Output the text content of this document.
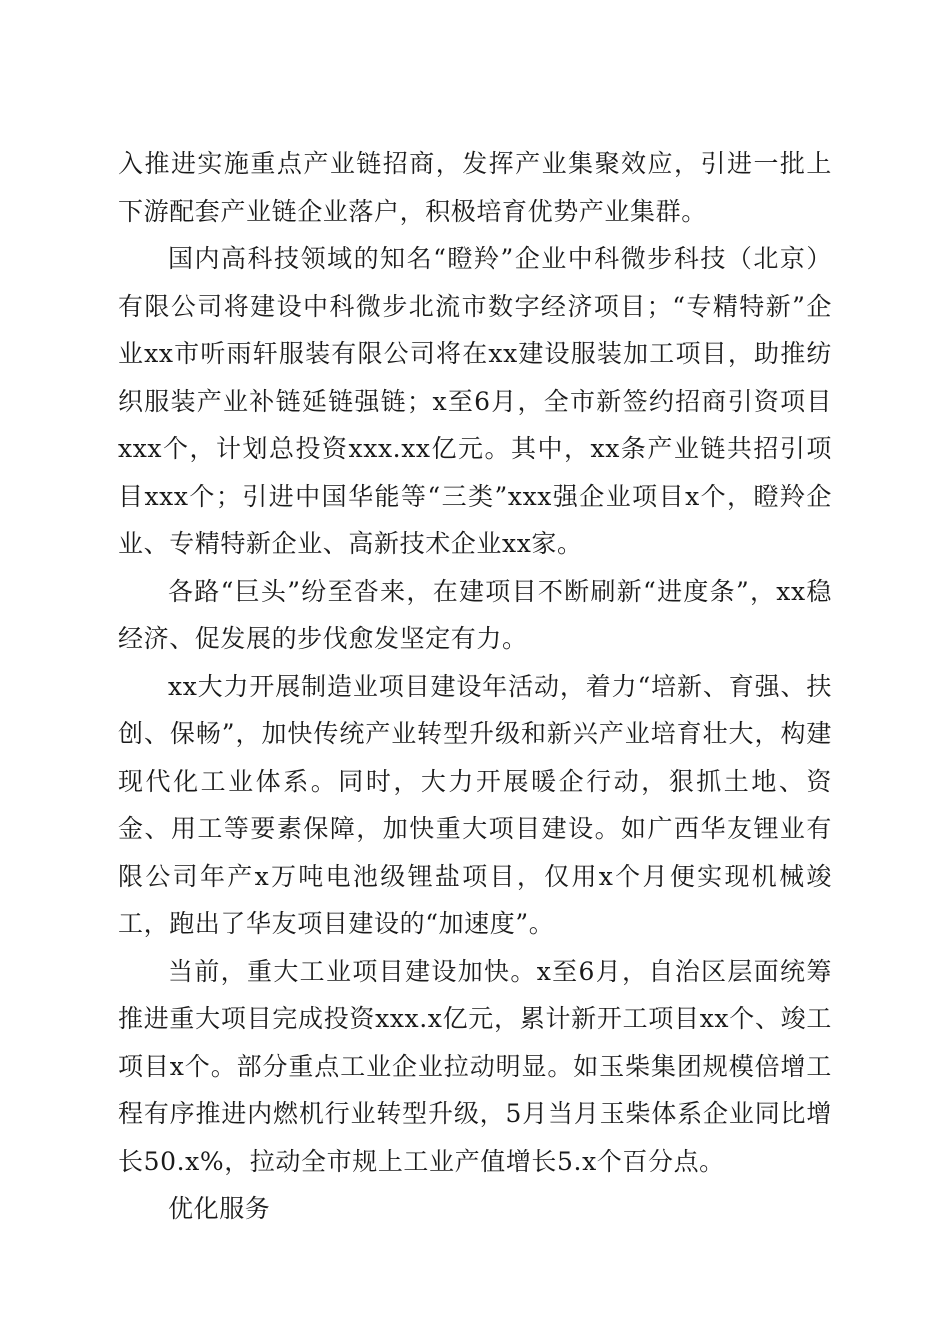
入推进实施重点产业链招商，发挥产业集聚效应，引进一批上下游配套产业链企业落户，积极培育优势产业集群。

国内高科技领域的知名“瞪羚”企业中科微步科技（北京）有限公司将建设中科微步北流市数字经济项目；“专精特新”企业xx市听雨轩服装有限公司将在xx建设服装加工项目，助推纺织服装产业补链延链强链；x至6月，全市新签约招商引资项目xxx个，计划总投资xxx.xx亿元。其中，xx条产业链共招引项目xxx个；引进中国华能等“三类”xxx强企业项目x个，瞪羚企业、专精特新企业、高新技术企业xx家。

各路“巨头”纷至沓来，在建项目不断刷新“进度条”，xx稳经济、促发展的步伐愈发坚定有力。

xx大力开展制造业项目建设年活动，着力“培新、育强、扶创、保畅”，加快传统产业转型升级和新兴产业培育壮大，构建现代化工业体系。同时，大力开展暖企行动，狠抓土地、资金、用工等要素保障，加快重大项目建设。如广西华友锂业有限公司年产x万吨电池级锂盐项目，仅用x个月便实现机械竣工，跑出了华友项目建设的“加速度”。

当前，重大工业项目建设加快。x至6月，自治区层面统筹推进重大项目完成投资xxx.x亿元，累计新开工项目xx个、竣工项目x个。部分重点工业企业拉动明显。如玉柴集团规模倍增工程有序推进内燃机行业转型升级，5月当月玉柴体系企业同比增长50.x%，拉动全市规上工业产值增长5.x个百分点。

优化服务
